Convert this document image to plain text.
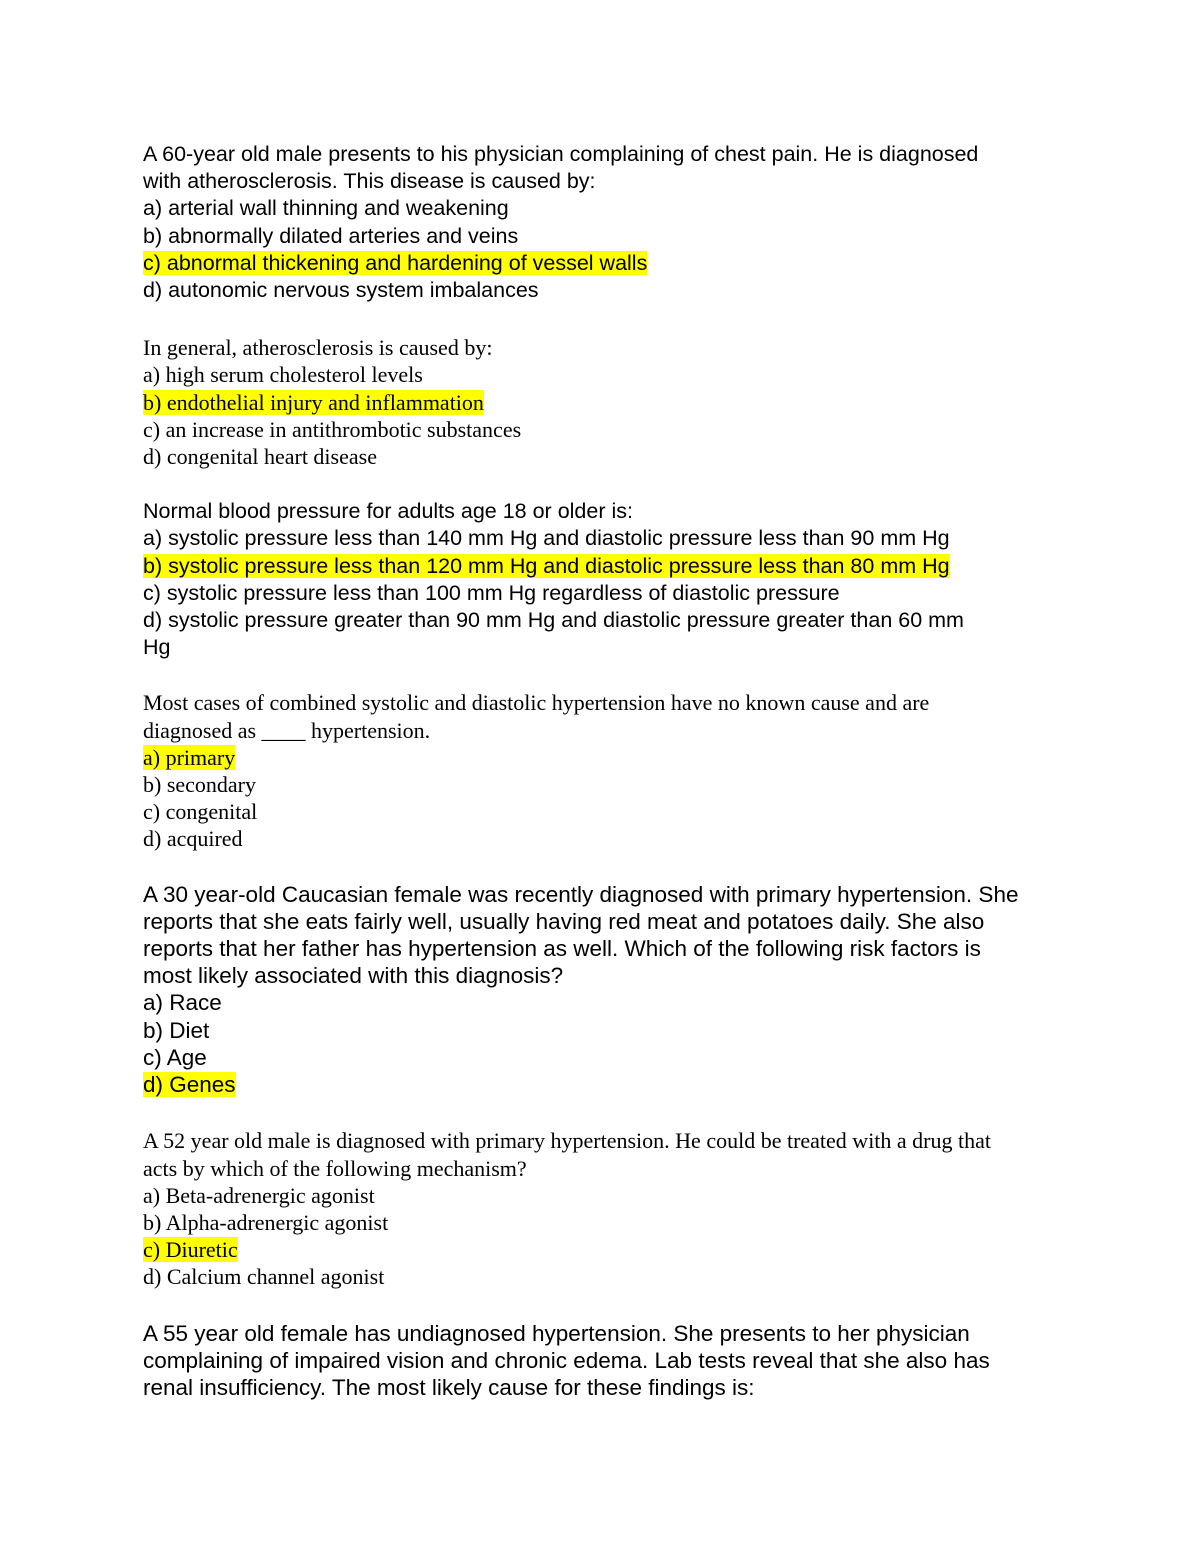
A 60-year old male presents to his physician complaining of chest pain. He is diagnosed
with atherosclerosis. This disease is caused by:
a) arterial wall thinning and weakening
b) abnormally dilated arteries and veins
c) abnormal thickening and hardening of vessel walls
d) autonomic nervous system imbalances
In general, atherosclerosis is caused by:
a) high serum cholesterol levels
b) endothelial injury and inflammation
c) an increase in antithrombotic substances
d) congenital heart disease
Normal blood pressure for adults age 18 or older is:
a) systolic pressure less than 140 mm Hg and diastolic pressure less than 90 mm Hg
b) systolic pressure less than 120 mm Hg and diastolic pressure less than 80 mm Hg
c) systolic pressure less than 100 mm Hg regardless of diastolic pressure
d) systolic pressure greater than 90 mm Hg and diastolic pressure greater than 60 mm
Hg
Most cases of combined systolic and diastolic hypertension have no known cause and are
diagnosed as ____ hypertension.
a) primary
b) secondary
c) congenital
d) acquired
A 30 year-old Caucasian female was recently diagnosed with primary hypertension. She
reports that she eats fairly well, usually having red meat and potatoes daily. She also
reports that her father has hypertension as well. Which of the following risk factors is
most likely associated with this diagnosis?
a) Race
b) Diet
c) Age
d) Genes
A 52 year old male is diagnosed with primary hypertension. He could be treated with a drug that
acts by which of the following mechanism?
a) Beta-adrenergic agonist
b) Alpha-adrenergic agonist
c) Diuretic
d) Calcium channel agonist
A 55 year old female has undiagnosed hypertension. She presents to her physician
complaining of impaired vision and chronic edema. Lab tests reveal that she also has
renal insufficiency. The most likely cause for these findings is:
